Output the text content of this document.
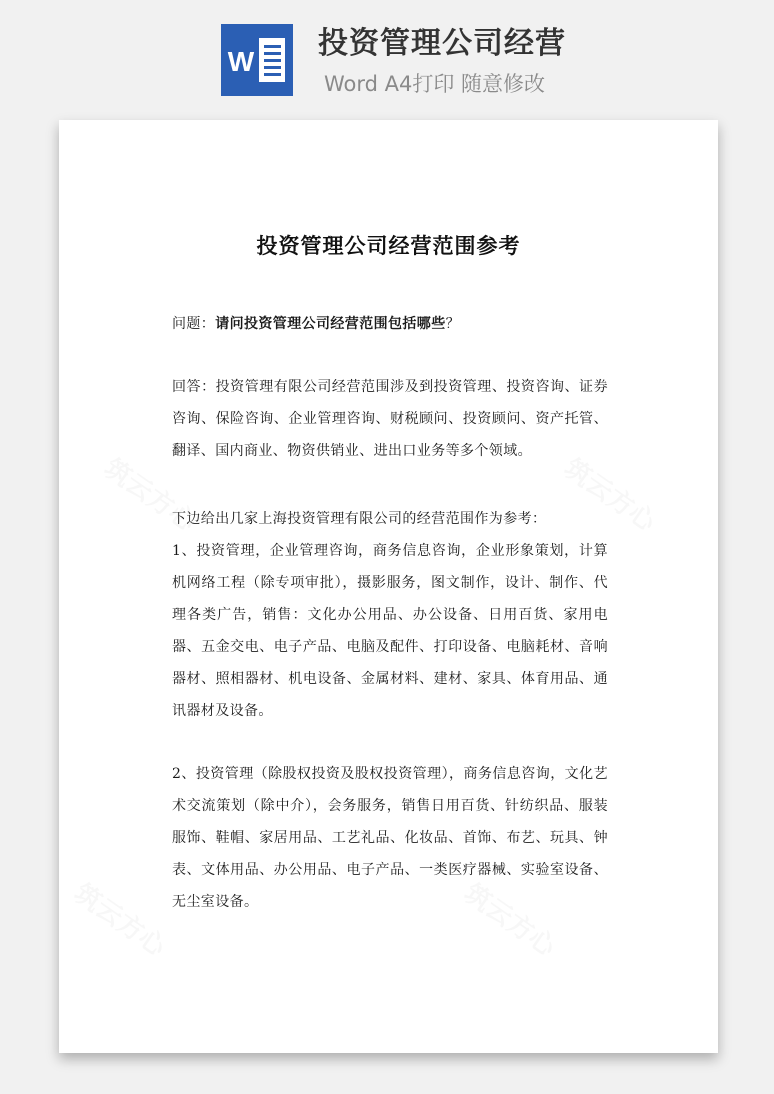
W
投资管理公司经营
Word A4打印 随意修改
筑云方心	筑云方心
筑云方心	筑云方心
投资管理公司经营范围参考
问题：请问投资管理公司经营范围包括哪些？
回答：投资管理有限公司经营范围涉及到投资管理、投资咨询、证券咨询、保险咨询、企业管理咨询、财税顾问、投资顾问、资产托管、翻译、国内商业、物资供销业、进出口业务等多个领域。
下边给出几家上海投资管理有限公司的经营范围作为参考：
1、投资管理，企业管理咨询，商务信息咨询，企业形象策划，计算机网络工程（除专项审批），摄影服务，图文制作，设计、制作、代理各类广告，销售：文化办公用品、办公设备、日用百货、家用电器、五金交电、电子产品、电脑及配件、打印设备、电脑耗材、音响器材、照相器材、机电设备、金属材料、建材、家具、体育用品、通讯器材及设备。
2、投资管理（除股权投资及股权投资管理），商务信息咨询，文化艺术交流策划（除中介），会务服务，销售日用百货、针纺织品、服装服饰、鞋帽、家居用品、工艺礼品、化妆品、首饰、布艺、玩具、钟表、文体用品、办公用品、电子产品、一类医疗器械、实验室设备、无尘室设备。
